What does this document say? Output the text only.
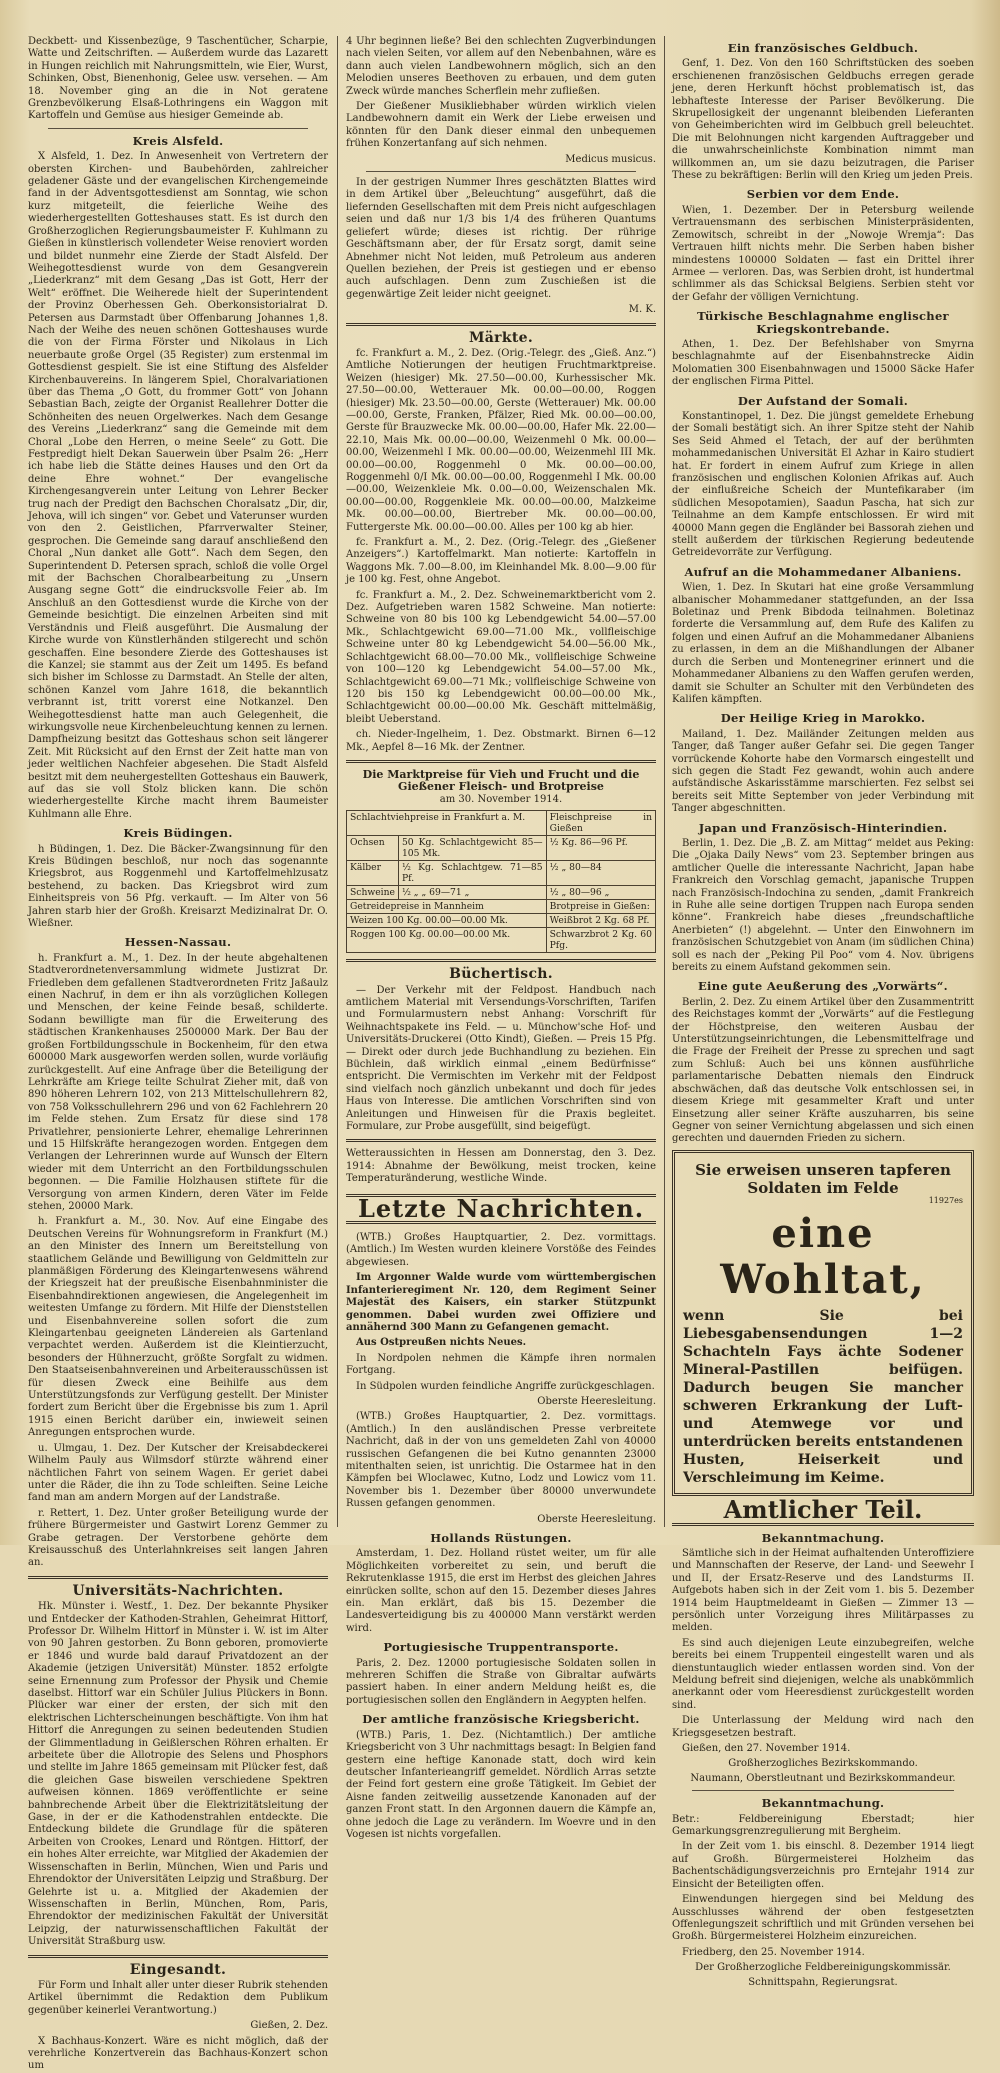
Deckbett- und Kissenbezüge, 9 Taschentücher, Scharpie, Watte und Zeitschriften. — Außerdem wurde das Lazarett in Hungen reichlich mit Nahrungsmitteln, wie Eier, Wurst, Schinken, Obst, Bienenhonig, Gelee usw. versehen. — Am 18. November ging an die in Not geratene Grenzbevölkerung Elsaß-Lothringens ein Waggon mit Kartoffeln und Gemüse aus hiesiger Gemeinde ab.

Kreis Alsfeld.

X Alsfeld, 1. Dez. In Anwesenheit von Vertretern der obersten Kirchen- und Baubehörden, zahlreicher geladener Gäste und der evangelischen Kirchengemeinde fand in der Adventsgottesdienst am Sonntag, wie schon kurz mitgeteilt, die feierliche Weihe des wiederhergestellten Gotteshauses statt. Es ist durch den Großherzoglichen Regierungsbaumeister F. Kuhlmann zu Gießen in künstlerisch vollendeter Weise renoviert worden und bildet nunmehr eine Zierde der Stadt Alsfeld. Der Weihegottesdienst wurde von dem Gesangverein „Liederkranz“ mit dem Gesang „Das ist Gott, Herr der Welt“ eröffnet. Die Weiherede hielt der Superintendent der Provinz Oberhessen Geh. Oberkonsistorialrat D. Petersen aus Darmstadt über Offenbarung Johannes 1,8. Nach der Weihe des neuen schönen Gotteshauses wurde die von der Firma Förster und Nikolaus in Lich neuerbaute große Orgel (35 Register) zum erstenmal im Gottesdienst gespielt. Sie ist eine Stiftung des Alsfelder Kirchenbauvereins. In längerem Spiel, Choralvariationen über das Thema „O Gott, du frommer Gott“ von Johann Sebastian Bach, zeigte der Organist Reallehrer Dotter die Schönheiten des neuen Orgelwerkes. Nach dem Gesange des Vereins „Liederkranz“ sang die Gemeinde mit dem Choral „Lobe den Herren, o meine Seele“ zu Gott. Die Festpredigt hielt Dekan Sauerwein über Psalm 26: „Herr ich habe lieb die Stätte deines Hauses und den Ort da deine Ehre wohnet.“ Der evangelische Kirchengesangverein unter Leitung von Lehrer Becker trug nach der Predigt den Bachschen Choralsatz „Dir, dir, Jehova, will ich singen“ vor. Gebet und Vaterunser wurden von den 2. Geistlichen, Pfarrverwalter Steiner, gesprochen. Die Gemeinde sang darauf anschließend den Choral „Nun danket alle Gott“. Nach dem Segen, den Superintendent D. Petersen sprach, schloß die volle Orgel mit der Bachschen Choralbearbeitung zu „Unsern Ausgang segne Gott“ die eindrucksvolle Feier ab. Im Anschluß an den Gottesdienst wurde die Kirche von der Gemeinde besichtigt. Die einzelnen Arbeiten sind mit Verständnis und Fleiß ausgeführt. Die Ausmalung der Kirche wurde von Künstlerhänden stilgerecht und schön geschaffen. Eine besondere Zierde des Gotteshauses ist die Kanzel; sie stammt aus der Zeit um 1495. Es befand sich bisher im Schlosse zu Darmstadt. An Stelle der alten, schönen Kanzel vom Jahre 1618, die bekanntlich verbrannt ist, tritt vorerst eine Notkanzel. Den Weihegottesdienst hatte man auch Gelegenheit, die wirkungsvolle neue Kirchenbeleuchtung kennen zu lernen. Dampfheizung besitzt das Gotteshaus schon seit längerer Zeit. Mit Rücksicht auf den Ernst der Zeit hatte man von jeder weltlichen Nachfeier abgesehen. Die Stadt Alsfeld besitzt mit dem neuhergestellten Gotteshaus ein Bauwerk, auf das sie voll Stolz blicken kann. Die schön wiederhergestellte Kirche macht ihrem Baumeister Kuhlmann alle Ehre.

Kreis Büdingen.

h Büdingen, 1. Dez. Die Bäcker-Zwangsinnung für den Kreis Büdingen beschloß, nur noch das sogenannte Kriegsbrot, aus Roggenmehl und Kartoffelmehlzusatz bestehend, zu backen. Das Kriegsbrot wird zum Einheitspreis von 56 Pfg. verkauft. — Im Alter von 56 Jahren starb hier der Großh. Kreisarzt Medizinalrat Dr. O. Wießner.

Hessen-Nassau.

h. Frankfurt a. M., 1. Dez. In der heute abgehaltenen Stadtverordnetenversammlung widmete Justizrat Dr. Friedleben dem gefallenen Stadtverordneten Fritz Jaßaulz einen Nachruf, in dem er ihn als vorzüglichen Kollegen und Menschen, der keine Feinde besaß, schilderte. Sodann bewilligte man für die Erweiterung des städtischen Krankenhauses 2500000 Mark. Der Bau der großen Fortbildungsschule in Bockenheim, für den etwa 600000 Mark ausgeworfen werden sollen, wurde vorläufig zurückgestellt. Auf eine Anfrage über die Beteiligung der Lehrkräfte am Kriege teilte Schulrat Zieher mit, daß von 890 höheren Lehrern 102, von 213 Mittelschullehrern 82, von 758 Volksschullehrern 296 und von 62 Fachlehrern 20 im Felde stehen. Zum Ersatz für diese sind 178 Privatlehrer, pensionierte Lehrer, ehemalige Lehrerinnen und 15 Hilfskräfte herangezogen worden. Entgegen dem Verlangen der Lehrerinnen wurde auf Wunsch der Eltern wieder mit dem Unterricht an den Fortbildungsschulen begonnen. — Die Familie Holzhausen stiftete für die Versorgung von armen Kindern, deren Väter im Felde stehen, 20000 Mark.

h. Frankfurt a. M., 30. Nov. Auf eine Eingabe des Deutschen Vereins für Wohnungsreform in Frankfurt (M.) an den Minister des Innern um Bereitstellung von staatlichem Gelände und Bewilligung von Geldmitteln zur planmäßigen Förderung des Kleingartenwesens während der Kriegszeit hat der preußische Eisenbahnminister die Eisenbahndirektionen angewiesen, die Angelegenheit im weitesten Umfange zu fördern. Mit Hilfe der Dienststellen und Eisenbahnvereine sollen sofort die zum Kleingartenbau geeigneten Ländereien als Gartenland verpachtet werden. Außerdem ist die Kleintierzucht, besonders der Hühnerzucht, größte Sorgfalt zu widmen. Den Staatseisenbahnvereinen und Arbeiterausschüssen ist für diesen Zweck eine Beihilfe aus dem Unterstützungsfonds zur Verfügung gestellt. Der Minister fordert zum Bericht über die Ergebnisse bis zum 1. April 1915 einen Bericht darüber ein, inwieweit seinen Anregungen entsprochen wurde.

u. Ulmgau, 1. Dez. Der Kutscher der Kreisabdeckerei Wilhelm Pauly aus Wilmsdorf stürzte während einer nächtlichen Fahrt von seinem Wagen. Er geriet dabei unter die Räder, die ihn zu Tode schleiften. Seine Leiche fand man am andern Morgen auf der Landstraße.

r. Rettert, 1. Dez. Unter großer Beteiligung wurde der frühere Bürgermeister und Gastwirt Lorenz Gemmer zu Grabe getragen. Der Verstorbene gehörte dem Kreisausschuß des Unterlahnkreises seit langen Jahren an.

Universitäts-Nachrichten.

Hk. Münster i. Westf., 1. Dez. Der bekannte Physiker und Entdecker der Kathoden-Strahlen, Geheimrat Hittorf, Professor Dr. Wilhelm Hittorf in Münster i. W. ist im Alter von 90 Jahren gestorben. Zu Bonn geboren, promovierte er 1846 und wurde bald darauf Privatdozent an der Akademie (jetzigen Universität) Münster. 1852 erfolgte seine Ernennung zum Professor der Physik und Chemie daselbst. Hittorf war ein Schüler Julius Plückers in Bonn. Plücker war einer der ersten, der sich mit den elektrischen Lichterscheinungen beschäftigte. Von ihm hat Hittorf die Anregungen zu seinen bedeutenden Studien der Glimmentladung in Geißlerschen Röhren erhalten. Er arbeitete über die Allotropie des Selens und Phosphors und stellte im Jahre 1865 gemeinsam mit Plücker fest, daß die gleichen Gase bisweilen verschiedene Spektren aufweisen können. 1869 veröffentlichte er seine bahnbrechende Arbeit über die Elektrizitätsleitung der Gase, in der er die Kathodenstrahlen entdeckte. Die Entdeckung bildete die Grundlage für die späteren Arbeiten von Crookes, Lenard und Röntgen. Hittorf, der ein hohes Alter erreichte, war Mitglied der Akademien der Wissenschaften in Berlin, München, Wien und Paris und Ehrendoktor der Universitäten Leipzig und Straßburg. Der Gelehrte ist u. a. Mitglied der Akademien der Wissenschaften in Berlin, München, Rom, Paris, Ehrendoktor der medizinischen Fakultät der Universität Leipzig, der naturwissenschaftlichen Fakultät der Universität Straßburg usw.

Eingesandt.

Für Form und Inhalt aller unter dieser Rubrik stehenden Artikel übernimmt die Redaktion dem Publikum gegenüber keinerlei Verantwortung.)

Gießen, 2. Dez.

X Bachhaus-Konzert. Wäre es nicht möglich, daß der verehrliche Konzertverein das Bachhaus-Konzert schon um

4 Uhr beginnen ließe? Bei den schlechten Zugverbindungen nach vielen Seiten, vor allem auf den Nebenbahnen, wäre es dann auch vielen Landbewohnern möglich, sich an den Melodien unseres Beethoven zu erbauen, und dem guten Zweck würde manches Scherflein mehr zufließen.

Der Gießener Musikliebhaber würden wirklich vielen Landbewohnern damit ein Werk der Liebe erweisen und könnten für den Dank dieser einmal den unbequemen frühen Konzertanfang auf sich nehmen.

Medicus musicus.

In der gestrigen Nummer Ihres geschätzten Blattes wird in dem Artikel über „Beleuchtung“ ausgeführt, daß die liefernden Gesellschaften mit dem Preis nicht aufgeschlagen seien und daß nur 1/3 bis 1/4 des früheren Quantums geliefert würde; dieses ist richtig. Der rührige Geschäftsmann aber, der für Ersatz sorgt, damit seine Abnehmer nicht Not leiden, muß Petroleum aus anderen Quellen beziehen, der Preis ist gestiegen und er ebenso auch aufschlagen. Denn zum Zuschießen ist die gegenwärtige Zeit leider nicht geeignet.

M. K.

Märkte.

fc. Frankfurt a. M., 2. Dez. (Orig.-Telegr. des „Gieß. Anz.“) Amtliche Notierungen der heutigen Fruchtmarktpreise. Weizen (hiesiger) Mk. 27.50—00.00, Kurhessischer Mk. 27.50—00.00, Wetterauer Mk. 00.00—00.00, Roggen (hiesiger) Mk. 23.50—00.00, Gerste (Wetterauer) Mk. 00.00—00.00, Gerste, Franken, Pfälzer, Ried Mk. 00.00—00.00, Gerste für Brauzwecke Mk. 00.00—00.00, Hafer Mk. 22.00—22.10, Mais Mk. 00.00—00.00, Weizenmehl 0 Mk. 00.00—00.00, Weizenmehl I Mk. 00.00—00.00, Weizenmehl III Mk. 00.00—00.00, Roggenmehl 0 Mk. 00.00—00.00, Roggenmehl 0/I Mk. 00.00—00.00, Roggenmehl I Mk. 00.00—00.00, Weizenkleie Mk. 0.00—0.00, Weizenschalen Mk. 00.00—00.00, Roggenkleie Mk. 00.00—00.00, Malzkeime Mk. 00.00—00.00, Biertreber Mk. 00.00—00.00, Futtergerste Mk. 00.00—00.00. Alles per 100 kg ab hier.

fc. Frankfurt a. M., 2. Dez. (Orig.-Telegr. des „Gießener Anzeigers“.) Kartoffelmarkt. Man notierte: Kartoffeln in Waggons Mk. 7.00—8.00, im Kleinhandel Mk. 8.00—9.00 für je 100 kg. Fest, ohne Angebot.

fc. Frankfurt a. M., 2. Dez. Schweinemarktbericht vom 2. Dez. Aufgetrieben waren 1582 Schweine. Man notierte: Schweine von 80 bis 100 kg Lebendgewicht 54.00—57.00 Mk., Schlachtgewicht 69.00—71.00 Mk., vollfleischige Schweine unter 80 kg Lebendgewicht 54.00—56.00 Mk., Schlachtgewicht 68.00—70.00 Mk., vollfleischige Schweine von 100—120 kg Lebendgewicht 54.00—57.00 Mk., Schlachtgewicht 69.00—71 Mk.; vollfleischige Schweine von 120 bis 150 kg Lebendgewicht 00.00—00.00 Mk., Schlachtgewicht 00.00—00.00 Mk. Geschäft mittelmäßig, bleibt Ueberstand.

ch. Nieder-Ingelheim, 1. Dez. Obstmarkt. Birnen 6—12 Mk., Aepfel 8—16 Mk. der Zentner.

Die Marktpreise für Vieh und Frucht und die Gießener Fleisch- und Brotpreise
am 30. November 1914.
Schlachtviehpreise in Frankfurt a. M.		Fleischpreise in Gießen
Ochsen	50 Kg. Schlachtgewicht 85—105 Mk.	½ Kg. 86—96 Pf.
Kälber	½ Kg. Schlachtgew. 71—85 Pf.	½ „ 80—84
Schweine	½ „ „ 69—71 „	½ „ 80—96 „
Getreidepreise in Mannheim		Brotpreise in Gießen:
Weizen 100 Kg. 00.00—00.00 Mk.		Weißbrot 2 Kg. 68 Pf.
Roggen 100 Kg. 00.00—00.00 Mk.		Schwarzbrot 2 Kg. 60 Pfg.
Büchertisch.

— Der Verkehr mit der Feldpost. Handbuch nach amtlichem Material mit Versendungs-Vorschriften, Tarifen und Formularmustern nebst Anhang: Vorschrift für Weihnachtspakete ins Feld. — u. Münchow'sche Hof- und Universitäts-Druckerei (Otto Kindt), Gießen. — Preis 15 Pfg. — Direkt oder durch jede Buchhandlung zu beziehen. Ein Büchlein, daß wirklich einmal „einem Bedürfnisse“ entspricht. Die Vermischten im Verkehr mit der Feldpost sind vielfach noch gänzlich unbekannt und doch für jedes Haus von Interesse. Die amtlichen Vorschriften sind von Anleitungen und Hinweisen für die Praxis begleitet. Formulare, zur Probe ausgefüllt, sind beigefügt.

Wetteraussichten in Hessen am Donnerstag, den 3. Dez. 1914: Abnahme der Bewölkung, meist trocken, keine Temperaturänderung, westliche Winde.

Letzte Nachrichten.

(WTB.) Großes Hauptquartier, 2. Dez. vormittags. (Amtlich.) Im Westen wurden kleinere Vorstöße des Feindes abgewiesen.

Im Argonner Walde wurde vom württembergischen Infanterieregiment Nr. 120, dem Regiment Seiner Majestät des Kaisers, ein starker Stützpunkt genommen. Dabei wurden zwei Offiziere und annähernd 300 Mann zu Gefangenen gemacht.

Aus Ostpreußen nichts Neues.

In Nordpolen nehmen die Kämpfe ihren normalen Fortgang.

In Südpolen wurden feindliche Angriffe zurückgeschlagen.

Oberste Heeresleitung.

(WTB.) Großes Hauptquartier, 2. Dez. vormittags. (Amtlich.) In den ausländischen Presse verbreitete Nachricht, daß in der von uns gemeldeten Zahl von 40000 russischen Gefangenen die bei Kutno genannten 23000 mitenthalten seien, ist unrichtig. Die Ostarmee hat in den Kämpfen bei Wloclawec, Kutno, Lodz und Lowicz vom 11. November bis 1. Dezember über 80000 unverwundete Russen gefangen genommen.

Oberste Heeresleitung.

Hollands Rüstungen.

Amsterdam, 1. Dez. Holland rüstet weiter, um für alle Möglichkeiten vorbereitet zu sein, und beruft die Rekrutenklasse 1915, die erst im Herbst des gleichen Jahres einrücken sollte, schon auf den 15. Dezember dieses Jahres ein. Man erklärt, daß bis 15. Dezember die Landesverteidigung bis zu 400000 Mann verstärkt werden wird.

Portugiesische Truppentransporte.

Paris, 2. Dez. 12000 portugiesische Soldaten sollen in mehreren Schiffen die Straße von Gibraltar aufwärts passiert haben. In einer andern Meldung heißt es, die portugiesischen sollen den Engländern in Aegypten helfen.

Der amtliche französische Kriegsbericht.

(WTB.) Paris, 1. Dez. (Nichtamtlich.) Der amtliche Kriegsbericht von 3 Uhr nachmittags besagt: In Belgien fand gestern eine heftige Kanonade statt, doch wird kein deutscher Infanterieangriff gemeldet. Nördlich Arras setzte der Feind fort gestern eine große Tätigkeit. Im Gebiet der Aisne fanden zeitweilig aussetzende Kanonaden auf der ganzen Front statt. In den Argonnen dauern die Kämpfe an, ohne jedoch die Lage zu verändern. Im Woevre und in den Vogesen ist nichts vorgefallen.

Ein französisches Geldbuch.

Genf, 1. Dez. Von den 160 Schriftstücken des soeben erschienenen französischen Geldbuchs erregen gerade jene, deren Herkunft höchst problematisch ist, das lebhafteste Interesse der Pariser Bevölkerung. Die Skrupellosigkeit der ungenannt bleibenden Lieferanten von Geheimberichten wird im Gelbbuch grell beleuchtet. Die mit Belohnungen nicht kargenden Auftraggeber und die unwahrscheinlichste Kombination nimmt man willkommen an, um sie dazu beizutragen, die Pariser These zu bekräftigen: Berlin will den Krieg um jeden Preis.

Serbien vor dem Ende.

Wien, 1. Dezember. Der in Petersburg weilende Vertrauensmann des serbischen Ministerpräsidenten, Zemowitsch, schreibt in der „Nowoje Wremja“: Das Vertrauen hilft nichts mehr. Die Serben haben bisher mindestens 100000 Soldaten — fast ein Drittel ihrer Armee — verloren. Das, was Serbien droht, ist hundertmal schlimmer als das Schicksal Belgiens. Serbien steht vor der Gefahr der völligen Vernichtung.

Türkische Beschlagnahme englischer Kriegskontrebande.

Athen, 1. Dez. Der Befehlshaber von Smyrna beschlagnahmte auf der Eisenbahnstrecke Aidin Molomatien 300 Eisenbahnwagen und 15000 Säcke Hafer der englischen Firma Pittel.

Der Aufstand der Somali.

Konstantinopel, 1. Dez. Die jüngst gemeldete Erhebung der Somali bestätigt sich. An ihrer Spitze steht der Nahib Ses Seid Ahmed el Tetach, der auf der berühmten mohammedanischen Universität El Azhar in Kairo studiert hat. Er fordert in einem Aufruf zum Kriege in allen französischen und englischen Kolonien Afrikas auf. Auch der einflußreiche Scheich der Muntefikaraber (im südlichen Mesopotamien), Saadun Pascha, hat sich zur Teilnahme an dem Kampfe entschlossen. Er wird mit 40000 Mann gegen die Engländer bei Bassorah ziehen und stellt außerdem der türkischen Regierung bedeutende Getreidevorräte zur Verfügung.

Aufruf an die Mohammedaner Albaniens.

Wien, 1. Dez. In Skutari hat eine große Versammlung albanischer Mohammedaner stattgefunden, an der Issa Boletinaz und Prenk Bibdoda teilnahmen. Boletinaz forderte die Versammlung auf, dem Rufe des Kalifen zu folgen und einen Aufruf an die Mohammedaner Albaniens zu erlassen, in dem an die Mißhandlungen der Albaner durch die Serben und Montenegriner erinnert und die Mohammedaner Albaniens zu den Waffen gerufen werden, damit sie Schulter an Schulter mit den Verbündeten des Kalifen kämpften.

Der Heilige Krieg in Marokko.

Mailand, 1. Dez. Mailänder Zeitungen melden aus Tanger, daß Tanger außer Gefahr sei. Die gegen Tanger vorrückende Kohorte habe den Vormarsch eingestellt und sich gegen die Stadt Fez gewandt, wohin auch andere aufständische Askarisstämme marschierten. Fez selbst sei bereits seit Mitte September von jeder Verbindung mit Tanger abgeschnitten.

Japan und Französisch-Hinterindien.

Berlin, 1. Dez. Die „B. Z. am Mittag“ meldet aus Peking: Die „Ojaka Daily News“ vom 23. September bringen aus amtlicher Quelle die interessante Nachricht, Japan habe Frankreich den Vorschlag gemacht, japanische Truppen nach Französisch-Indochina zu senden, „damit Frankreich in Ruhe alle seine dortigen Truppen nach Europa senden könne“. Frankreich habe dieses „freundschaftliche Anerbieten“ (!) abgelehnt. — Unter den Einwohnern im französischen Schutzgebiet von Anam (im südlichen China) soll es nach der „Peking Pil Poo“ vom 4. Nov. übrigens bereits zu einem Aufstand gekommen sein.

Eine gute Aeußerung des „Vorwärts“.

Berlin, 2. Dez. Zu einem Artikel über den Zusammentritt des Reichstages kommt der „Vorwärts“ auf die Festlegung der Höchstpreise, den weiteren Ausbau der Unterstützungseinrichtungen, die Lebensmittelfrage und die Frage der Freiheit der Presse zu sprechen und sagt zum Schluß: Auch bei uns können ausführliche parlamentarische Debatten niemals den Eindruck abschwächen, daß das deutsche Volk entschlossen sei, in diesem Kriege mit gesammelter Kraft und unter Einsetzung aller seiner Kräfte auszuharren, bis seine Gegner von seiner Vernichtung abgelassen und sich einen gerechten und dauernden Frieden zu sichern.

Sie erweisen unseren tapferen Soldaten im Felde
11927es
eine Wohltat,
wenn Sie bei Liebesgabensendungen 1—2 Schachteln Fays ächte Sodener Mineral-Pastillen beifügen. Dadurch beugen Sie mancher schweren Erkrankung der Luft- und Atemwege vor und unterdrücken bereits entstandenen Husten, Heiserkeit und Verschleimung im Keime.
Amtlicher Teil.
Bekanntmachung.

Sämtliche sich in der Heimat aufhaltenden Unteroffiziere und Mannschaften der Reserve, der Land- und Seewehr I und II, der Ersatz-Reserve und des Landsturms II. Aufgebots haben sich in der Zeit vom 1. bis 5. Dezember 1914 beim Hauptmeldeamt in Gießen — Zimmer 13 — persönlich unter Vorzeigung ihres Militärpasses zu melden.

Es sind auch diejenigen Leute einzubegreifen, welche bereits bei einem Truppenteil eingestellt waren und als dienstuntauglich wieder entlassen worden sind. Von der Meldung befreit sind diejenigen, welche als unabkömmlich anerkannt oder vom Heeresdienst zurückgestellt worden sind.

Die Unterlassung der Meldung wird nach den Kriegsgesetzen bestraft.

Gießen, den 27. November 1914.

Großherzogliches Bezirkskommando.

Naumann, Oberstleutnant und Bezirkskommandeur.

Bekanntmachung.

Betr.: Feldbereinigung Eberstadt; hier Gemarkungsgrenzregulierung mit Bergheim.

In der Zeit vom 1. bis einschl. 8. Dezember 1914 liegt auf Großh. Bürgermeisterei Holzheim das Bachentschädigungsverzeichnis pro Erntejahr 1914 zur Einsicht der Beteiligten offen.

Einwendungen hiergegen sind bei Meldung des Ausschlusses während der oben festgesetzten Offenlegungszeit schriftlich und mit Gründen versehen bei Großh. Bürgermeisterei Holzheim einzureichen.

Friedberg, den 25. November 1914.

Der Großherzogliche Feldbereinigungskommissär.

Schnittspahn, Regierungsrat.
